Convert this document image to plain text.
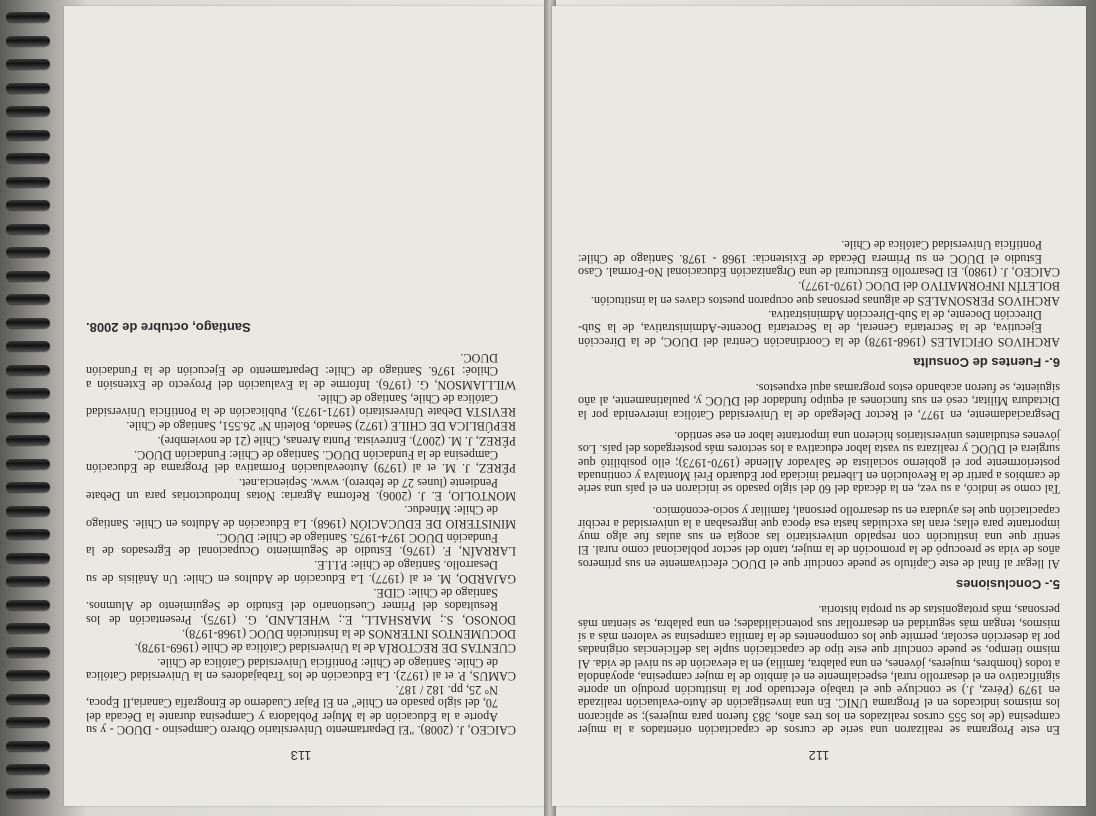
113
CAICEO, J. (2008). "El Departamento Universitario Obrero Campesino - DUOC - y su Aporte a la Educación de la Mujer Pobladora y Campesina durante la Década del 70, del siglo pasado en Chile" en El Pajar Cuaderno de Etnografía Canaria,II Epoca, N° 25, pp. 182 / 187.
CAMUS, P. et al (1972). La Educación de los Trabajadores en la Universidad Católica de Chile. Santiago de Chile: Pontificia Universidad Católica de Chile.
CUENTAS DE RECTORÍA de la Universidad Católica de Chile (1969-1978).
DOCUMENTOS INTERNOS de la Institución DUOC (1968-1978).
DONOSO, S.; MARSHALL, E.; WHELAND, G. (1975). Presentación de los Resultados del Primer Cuestionario del Estudio de Seguimiento de Alumnos. Santiago de Chile: CIDE.
GAJARDO, M. et al (1977). La Educación de Adultos en Chile: Un Análisis de su Desarrollo. Santiago de Chile: P.I.I.E.
LARRAÍN, F. (1976). Estudio de Seguimiento Ocupacional de Egresados de la Fundación DUOC 1974-1975. Santiago de Chile: DUOC.
MINISTERIO DE EDUCACIÓN (1968). La Educación de Adultos en Chile. Santiago de Chile: Mineduc.
MONTOLIO, E. J. (2006). Reforma Agraria: Notas Introductorias para un Debate Pendiente (lunes 27 de febrero). www. Sepiencia.net.
PÉREZ, J. M. et al (1979) Autoevaluación Formativa del Programa de Educación Campesina de la Fundación DUOC. Santiago de Chile: Fundación DUOC.
PÉREZ, J. M. (2007). Entrevista. Punta Arenas, Chile (21 de noviembre).
REPÚBLICA DE CHILE (1972) Senado, Boletín Nº 26.551, Santiago de Chile.
REVISTA Debate Universitario (1971-1973), Publicación de la Pontificia Universidad Católica de Chile, Santiago de Chile.
WILLIAMSON, G. (1976). Informe de la Evaluación del Proyecto de Extensión a Chiloé: 1976. Santiago de Chile: Departamento de Ejecución de la Fundación DUOC.
Santiago, octubre de 2008.
112

En este Programa se realizaron una serie de cursos de capacitación orientados a la mujer campesina (de los 555 cursos realizados en los tres años, 383 fueron para mujeres); se aplicaron los mismos indicados en el Programa UNIC. En una investigación de Auto-evaluación realizada en 1979 (Pérez, J.) se concluye que el trabajo efectuado por la institución produjo un aporte significativo en el desarrollo rural, especialmente en el ámbito de la mujer campesina, apoyándola a todos (hombres, mujeres, jóvenes, en una palabra, familia) en la elevación de su nivel de vida. Al mismo tiempo, se puede concluir que este tipo de capacitación suple las deficiencias originadas por la deserción escolar, permite que los componentes de la familia campesina se valoren más a sí mismos, tengan más seguridad en desarrollar sus potencialidades; en una palabra, se sientan más personas, más protagonistas de su propia historia.

5.- Conclusiones

Al llegar al final de este Capítulo se puede concluir que el DUOC efectivamente en sus primeros años de vida se preocupó de la promoción de la mujer, tanto del sector poblacional como rural. El sentir que una institución con respaldo universitario las acogía en sus aulas fue algo muy importante para ellas; eran las excluidas hasta esa época que ingresaban a la universidad a recibir capacitación que les ayudara en su desarrollo personal, familiar y socio-económico.

Tal como se indicó, a su vez, en la década del 60 del siglo pasado se iniciaron en el país una serie de cambios a partir de la Revolución en Libertad iniciada por Eduardo Frei Montalva y continuada posteriormente por el gobierno socialista de Salvador Allende (1970-1973); ello posibilitó que surgiera el DUOC y realizara su vasta labor educativa a los sectores más postergados del país. Los jóvenes estudiantes universitarios hicieron una importante labor en ese sentido.

Desgraciadamente, en 1977, el Rector Delegado de la Universidad Católica intervenida por la Dictadura Militar, cesó en sus funciones al equipo fundador del DUOC y, paulatinamente, al año siguiente, se fueron acabando estos programas aquí expuestos.

6.- Fuentes de Consulta
ARCHIVOS OFICIALES (1968-1978) de la Coordinación Central del DUOC, de la Dirección Ejecutiva, de la Secretaría General, de la Secretaría Docente-Administrativa, de la Sub-Dirección Docente, de la Sub-Dirección Administrativa.
ARCHIVOS PERSONALES de algunas personas que ocuparon puestos claves en la institución.
BOLETÍN INFORMATIVO del DUOC (1970-1977).
CAICEO, J. (1980). El Desarrollo Estructural de una Organización Educacional No-Formal. Caso Estudio el DUOC en su Primera Década de Existencia: 1968 - 1978. Santiago de Chile: Pontificia Universidad Católica de Chile.
